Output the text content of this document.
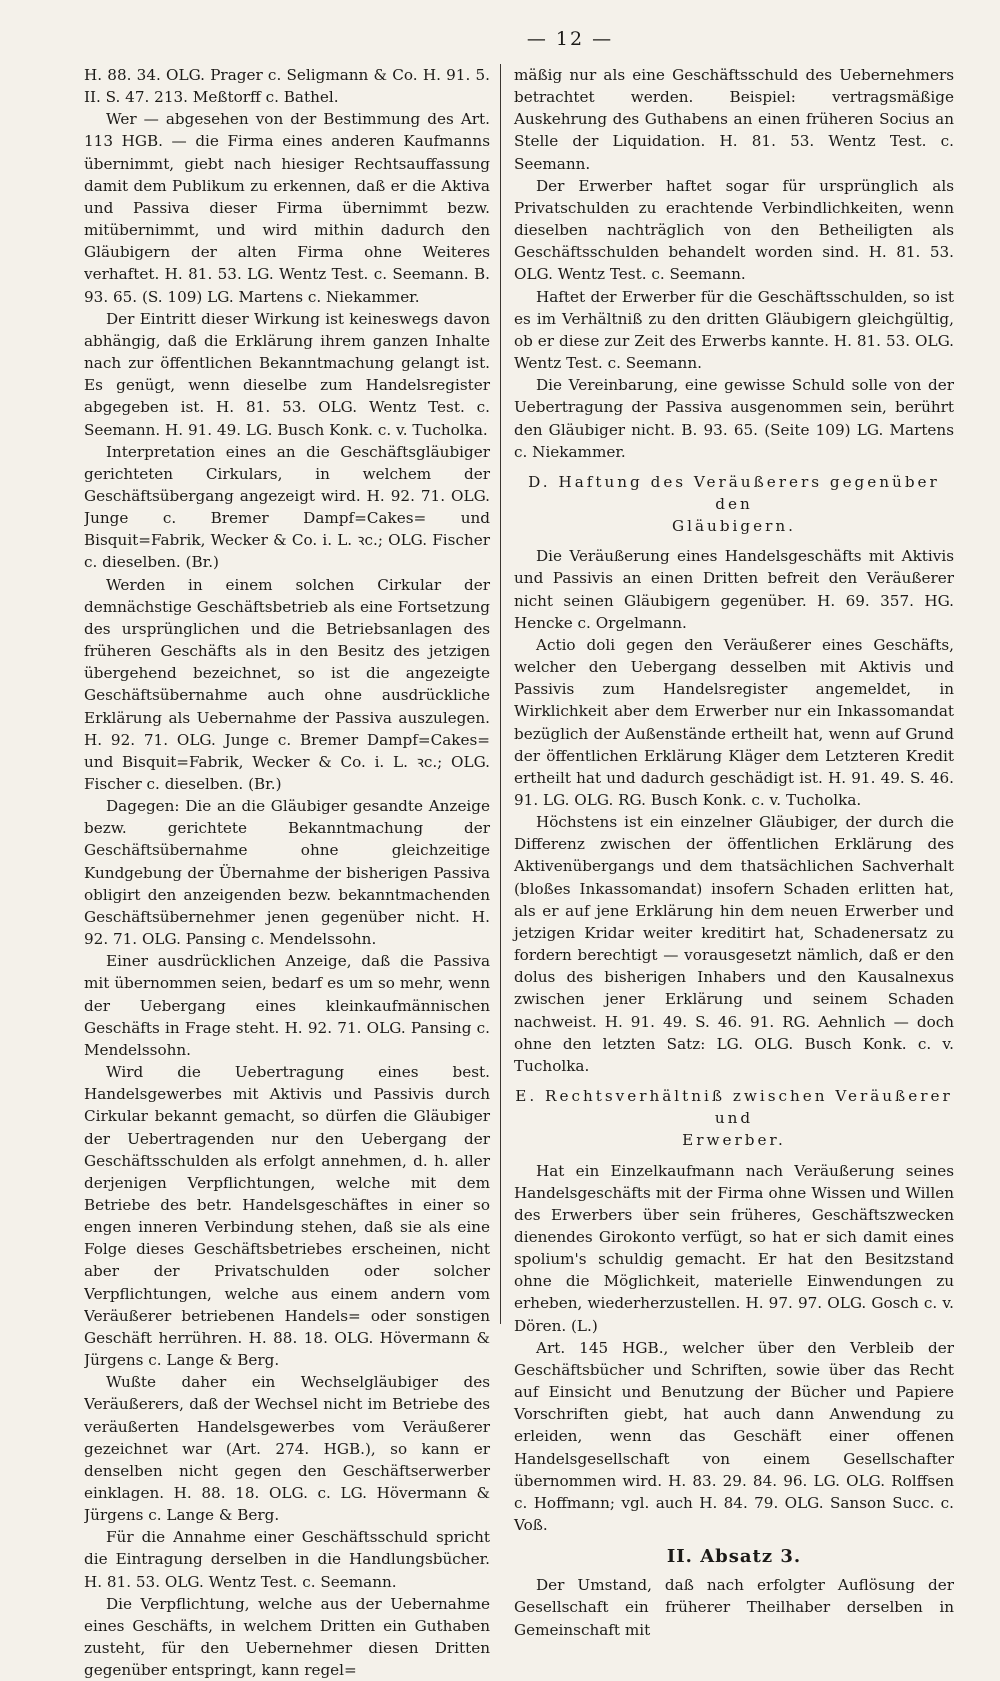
— 12 —

H. 88. 34. OLG. Prager c. Seligmann & Co. H. 91. 5. II. S. 47. 213. Meßtorff c. Bathel.

Wer — abgesehen von der Bestimmung des Art. 113 HGB. — die Firma eines anderen Kaufmanns übernimmt, giebt nach hiesiger Rechtsauffassung damit dem Publikum zu erkennen, daß er die Aktiva und Passiva dieser Firma übernimmt bezw. mitübernimmt, und wird mithin dadurch den Gläubigern der alten Firma ohne Weiteres verhaftet. H. 81. 53. LG. Wentz Test. c. Seemann. B. 93. 65. (S. 109) LG. Martens c. Niekammer.

Der Eintritt dieser Wirkung ist keineswegs davon abhängig, daß die Erklärung ihrem ganzen Inhalte nach zur öffentlichen Bekanntmachung gelangt ist. Es genügt, wenn dieselbe zum Handelsregister abgegeben ist. H. 81. 53. OLG. Wentz Test. c. Seemann. H. 91. 49. LG. Busch Konk. c. v. Tucholka.

Interpretation eines an die Geschäftsgläubiger gerichteten Cirkulars, in welchem der Geschäftsübergang angezeigt wird. H. 92. 71. OLG. Junge c. Bremer Dampf=Cakes= und Bisquit=Fabrik, Wecker & Co. i. L. ꝛc.; OLG. Fischer c. dieselben. (Br.)

Werden in einem solchen Cirkular der demnächstige Geschäftsbetrieb als eine Fortsetzung des ursprünglichen und die Betriebsanlagen des früheren Geschäfts als in den Besitz des jetzigen übergehend bezeichnet, so ist die angezeigte Geschäftsübernahme auch ohne ausdrückliche Erklärung als Uebernahme der Passiva auszulegen. H. 92. 71. OLG. Junge c. Bremer Dampf=Cakes= und Bisquit=Fabrik, Wecker & Co. i. L. ꝛc.; OLG. Fischer c. dieselben. (Br.)

Dagegen: Die an die Gläubiger gesandte Anzeige bezw. gerichtete Bekanntmachung der Geschäftsübernahme ohne gleichzeitige Kundgebung der Übernahme der bisherigen Passiva obligirt den anzeigenden bezw. bekanntmachenden Geschäftsübernehmer jenen gegenüber nicht. H. 92. 71. OLG. Pansing c. Mendelssohn.

Einer ausdrücklichen Anzeige, daß die Passiva mit übernommen seien, bedarf es um so mehr, wenn der Uebergang eines kleinkaufmännischen Geschäfts in Frage steht. H. 92. 71. OLG. Pansing c. Mendelssohn.

Wird die Uebertragung eines best. Handelsgewerbes mit Aktivis und Passivis durch Cirkular bekannt gemacht, so dürfen die Gläubiger der Uebertragenden nur den Uebergang der Geschäftsschulden als erfolgt annehmen, d. h. aller derjenigen Verpflichtungen, welche mit dem Betriebe des betr. Handelsgeschäftes in einer so engen inneren Verbindung stehen, daß sie als eine Folge dieses Geschäftsbetriebes erscheinen, nicht aber der Privatschulden oder solcher Verpflichtungen, welche aus einem andern vom Veräußerer betriebenen Handels= oder sonstigen Geschäft herrühren. H. 88. 18. OLG. Hövermann & Jürgens c. Lange & Berg.

Wußte daher ein Wechselgläubiger des Veräußerers, daß der Wechsel nicht im Betriebe des veräußerten Handelsgewerbes vom Veräußerer gezeichnet war (Art. 274. HGB.), so kann er denselben nicht gegen den Geschäftserwerber einklagen. H. 88. 18. OLG. c. LG. Hövermann & Jürgens c. Lange & Berg.

Für die Annahme einer Geschäftsschuld spricht die Eintragung derselben in die Handlungsbücher. H. 81. 53. OLG. Wentz Test. c. Seemann.

Die Verpflichtung, welche aus der Uebernahme eines Geschäfts, in welchem Dritten ein Guthaben zusteht, für den Uebernehmer diesen Dritten gegenüber entspringt, kann regel=

mäßig nur als eine Geschäftsschuld des Uebernehmers betrachtet werden. Beispiel: vertragsmäßige Auskehrung des Guthabens an einen früheren Socius an Stelle der Liquidation. H. 81. 53. Wentz Test. c. Seemann.

Der Erwerber haftet sogar für ursprünglich als Privatschulden zu erachtende Verbindlichkeiten, wenn dieselben nachträglich von den Betheiligten als Geschäftsschulden behandelt worden sind. H. 81. 53. OLG. Wentz Test. c. Seemann.

Haftet der Erwerber für die Geschäftsschulden, so ist es im Verhältniß zu den dritten Gläubigern gleichgültig, ob er diese zur Zeit des Erwerbs kannte. H. 81. 53. OLG. Wentz Test. c. Seemann.

Die Vereinbarung, eine gewisse Schuld solle von der Uebertragung der Passiva ausgenommen sein, berührt den Gläubiger nicht. B. 93. 65. (Seite 109) LG. Martens c. Niekammer.

D. Haftung des Veräußerers gegenüber den
Gläubigern.

Die Veräußerung eines Handelsgeschäfts mit Aktivis und Passivis an einen Dritten befreit den Veräußerer nicht seinen Gläubigern gegenüber. H. 69. 357. HG. Hencke c. Orgelmann.

Actio doli gegen den Veräußerer eines Geschäfts, welcher den Uebergang desselben mit Aktivis und Passivis zum Handelsregister angemeldet, in Wirklichkeit aber dem Erwerber nur ein Inkassomandat bezüglich der Außenstände ertheilt hat, wenn auf Grund der öffentlichen Erklärung Kläger dem Letzteren Kredit ertheilt hat und dadurch geschädigt ist. H. 91. 49. S. 46. 91. LG. OLG. RG. Busch Konk. c. v. Tucholka.

Höchstens ist ein einzelner Gläubiger, der durch die Differenz zwischen der öffentlichen Erklärung des Aktivenübergangs und dem thatsächlichen Sachverhalt (bloßes Inkassomandat) insofern Schaden erlitten hat, als er auf jene Erklärung hin dem neuen Erwerber und jetzigen Kridar weiter kreditirt hat, Schadenersatz zu fordern berechtigt — vorausgesetzt nämlich, daß er den dolus des bisherigen Inhabers und den Kausalnexus zwischen jener Erklärung und seinem Schaden nachweist. H. 91. 49. S. 46. 91. RG. Aehnlich — doch ohne den letzten Satz: LG. OLG. Busch Konk. c. v. Tucholka.

E. Rechtsverhältniß zwischen Veräußerer und
Erwerber.

Hat ein Einzelkaufmann nach Veräußerung seines Handelsgeschäfts mit der Firma ohne Wissen und Willen des Erwerbers über sein früheres, Geschäftszwecken dienendes Girokonto verfügt, so hat er sich damit eines spolium's schuldig gemacht. Er hat den Besitzstand ohne die Möglichkeit, materielle Einwendungen zu erheben, wiederherzustellen. H. 97. 97. OLG. Gosch c. v. Dören. (L.)

Art. 145 HGB., welcher über den Verbleib der Geschäftsbücher und Schriften, sowie über das Recht auf Einsicht und Benutzung der Bücher und Papiere Vorschriften giebt, hat auch dann Anwendung zu erleiden, wenn das Geschäft einer offenen Handelsgesellschaft von einem Gesellschafter übernommen wird. H. 83. 29. 84. 96. LG. OLG. Rolffsen c. Hoffmann; vgl. auch H. 84. 79. OLG. Sanson Succ. c. Voß.

II. Absatz 3.

Der Umstand, daß nach erfolgter Auflösung der Gesellschaft ein früherer Theilhaber derselben in Gemeinschaft mit
